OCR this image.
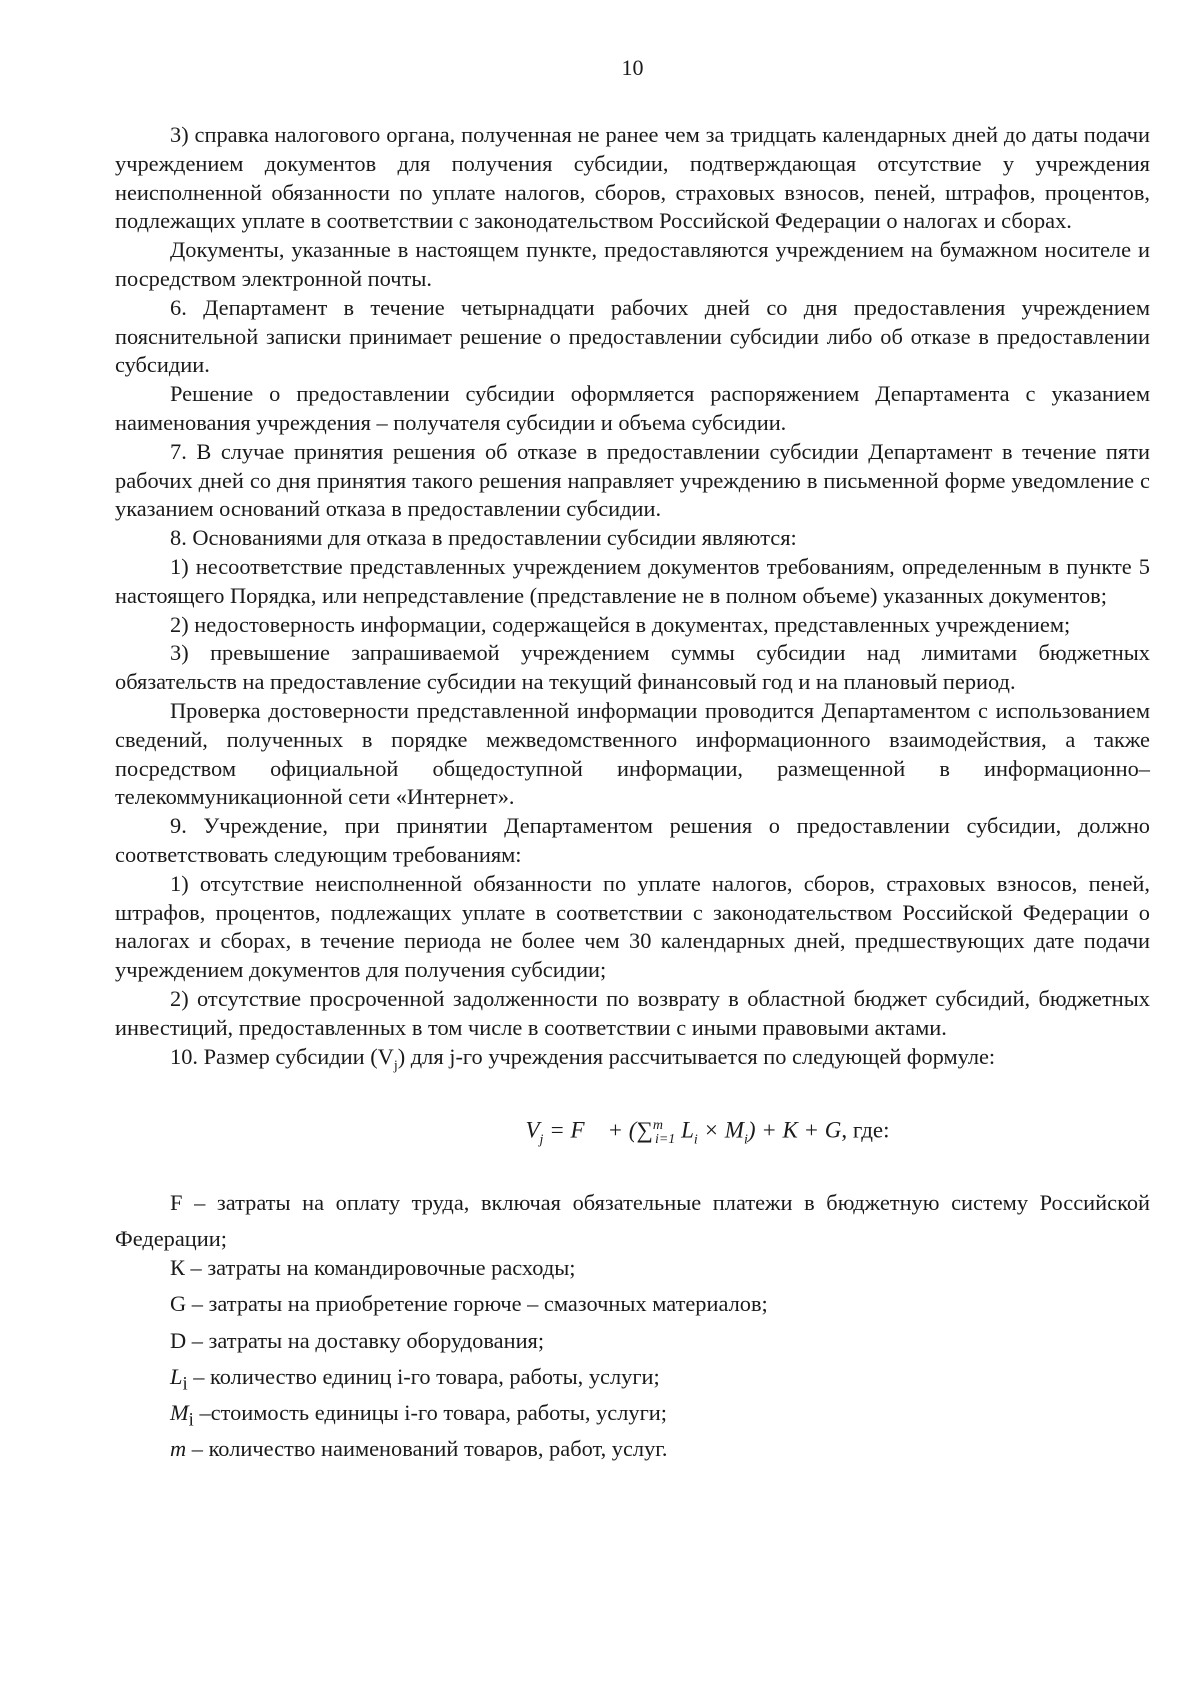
10

3) справка налогового органа, полученная не ранее чем за тридцать календарных дней до даты подачи учреждением документов для получения субсидии, подтверждающая отсутствие у учреждения неисполненной обязанности по уплате налогов, сборов, страховых взносов, пеней, штрафов, процентов, подлежащих уплате в соответствии с законодательством Российской Федерации о налогах и сборах.

Документы, указанные в настоящем пункте, предоставляются учреждением на бумажном носителе и посредством электронной почты.

6. Департамент в течение четырнадцати рабочих дней со дня предоставления учреждением пояснительной записки принимает решение о предоставлении субсидии либо об отказе в предоставлении субсидии.

Решение о предоставлении субсидии оформляется распоряжением Департамента с указанием наименования учреждения – получателя субсидии и объема субсидии.

7. В случае принятия решения об отказе в предоставлении субсидии Департамент в течение пяти рабочих дней со дня принятия такого решения направляет учреждению в письменной форме уведомление с указанием оснований отказа в предоставлении субсидии.

8. Основаниями для отказа в предоставлении субсидии являются:

1) несоответствие представленных учреждением документов требованиям, определенным в пункте 5 настоящего Порядка, или непредставление (представление не в полном объеме) указанных документов;

2) недостоверность информации, содержащейся в документах, представленных учреждением;

3) превышение запрашиваемой учреждением суммы субсидии над лимитами бюджетных обязательств на предоставление субсидии на текущий финансовый год и на плановый период.

Проверка достоверности представленной информации проводится Департаментом с использованием сведений, полученных в порядке межведомственного информационного взаимодействия, а также посредством официальной общедоступной информации, размещенной в информационно–телекоммуникационной сети «Интернет».

9. Учреждение, при принятии Департаментом решения о предоставлении субсидии, должно соответствовать следующим требованиям:

1) отсутствие неисполненной обязанности по уплате налогов, сборов, страховых взносов, пеней, штрафов, процентов, подлежащих уплате в соответствии с законодательством Российской Федерации о налогах и сборах, в течение периода не более чем 30 календарных дней, предшествующих дате подачи учреждением документов для получения субсидии;

2) отсутствие просроченной задолженности по возврату в областной бюджет субсидий, бюджетных инвестиций, предоставленных в том числе в соответствии с иными правовыми актами.

10. Размер субсидии $(V_j)$ для j-го учреждения рассчитывается по следующей формуле:

$V_j = F$    + (∑$^m_{i=1}$ $L_i \times M_i) + К + G$, где:

F – затраты на оплату труда, включая обязательные платежи в бюджетную систему Российской Федерации;

К – затраты на командировочные расходы;

G – затраты на приобретение горюче – смазочных материалов;

D – затраты на доставку оборудования;

$L_i$ – количество единиц i-го товара, работы, услуги;

$M_i$ –стоимость единицы i-го товара, работы, услуги;

m – количество наименований товаров, работ, услуг.
